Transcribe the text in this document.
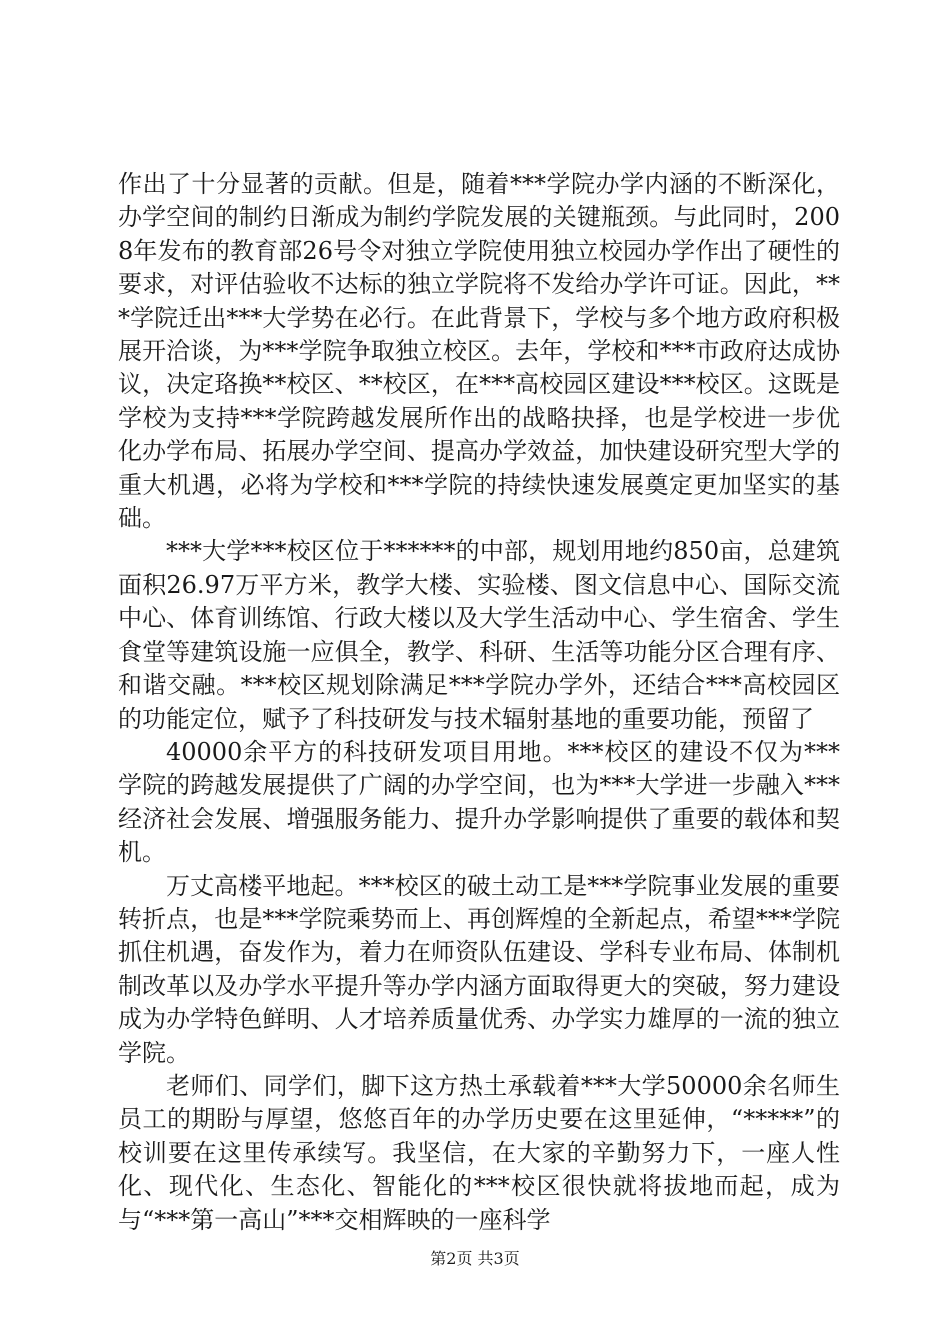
作出了十分显著的贡献。但是，随着***学院办学内涵的不断深化，办学空间的制约日渐成为制约学院发展的关键瓶颈。与此同时，2008年发布的教育部26号令对独立学院使用独立校园办学作出了硬性的要求，对评估验收不达标的独立学院将不发给办学许可证。因此，***学院迁出***大学势在必行。在此背景下，学校与多个地方政府积极展开洽谈，为***学院争取独立校区。去年，学校和***市政府达成协议，决定珞换**校区、**校区，在***高校园区建设***校区。这既是学校为支持***学院跨越发展所作出的战略抉择，也是学校进一步优化办学布局、拓展办学空间、提高办学效益，加快建设研究型大学的重大机遇，必将为学校和***学院的持续快速发展奠定更加坚实的基础。

***大学***校区位于******的中部，规划用地约850亩，总建筑面积26.97万平方米，教学大楼、实验楼、图文信息中心、国际交流中心、体育训练馆、行政大楼以及大学生活动中心、学生宿舍、学生食堂等建筑设施一应俱全，教学、科研、生活等功能分区合理有序、和谐交融。***校区规划除满足***学院办学外，还结合***高校园区的功能定位，赋予了科技研发与技术辐射基地的重要功能，预留了

40000余平方的科技研发项目用地。***校区的建设不仅为***学院的跨越发展提供了广阔的办学空间，也为***大学进一步融入***经济社会发展、增强服务能力、提升办学影响提供了重要的载体和契机。

万丈高楼平地起。***校区的破土动工是***学院事业发展的重要转折点，也是***学院乘势而上、再创辉煌的全新起点，希望***学院抓住机遇，奋发作为，着力在师资队伍建设、学科专业布局、体制机制改革以及办学水平提升等办学内涵方面取得更大的突破，努力建设成为办学特色鲜明、人才培养质量优秀、办学实力雄厚的一流的独立学院。

老师们、同学们，脚下这方热土承载着***大学50000余名师生员工的期盼与厚望，悠悠百年的办学历史要在这里延伸，“*****”的校训要在这里传承续写。我坚信，在大家的辛勤努力下，一座人性化、现代化、生态化、智能化的***校区很快就将拔地而起，成为与“***第一高山”***交相辉映的一座科学

第2页 共3页
